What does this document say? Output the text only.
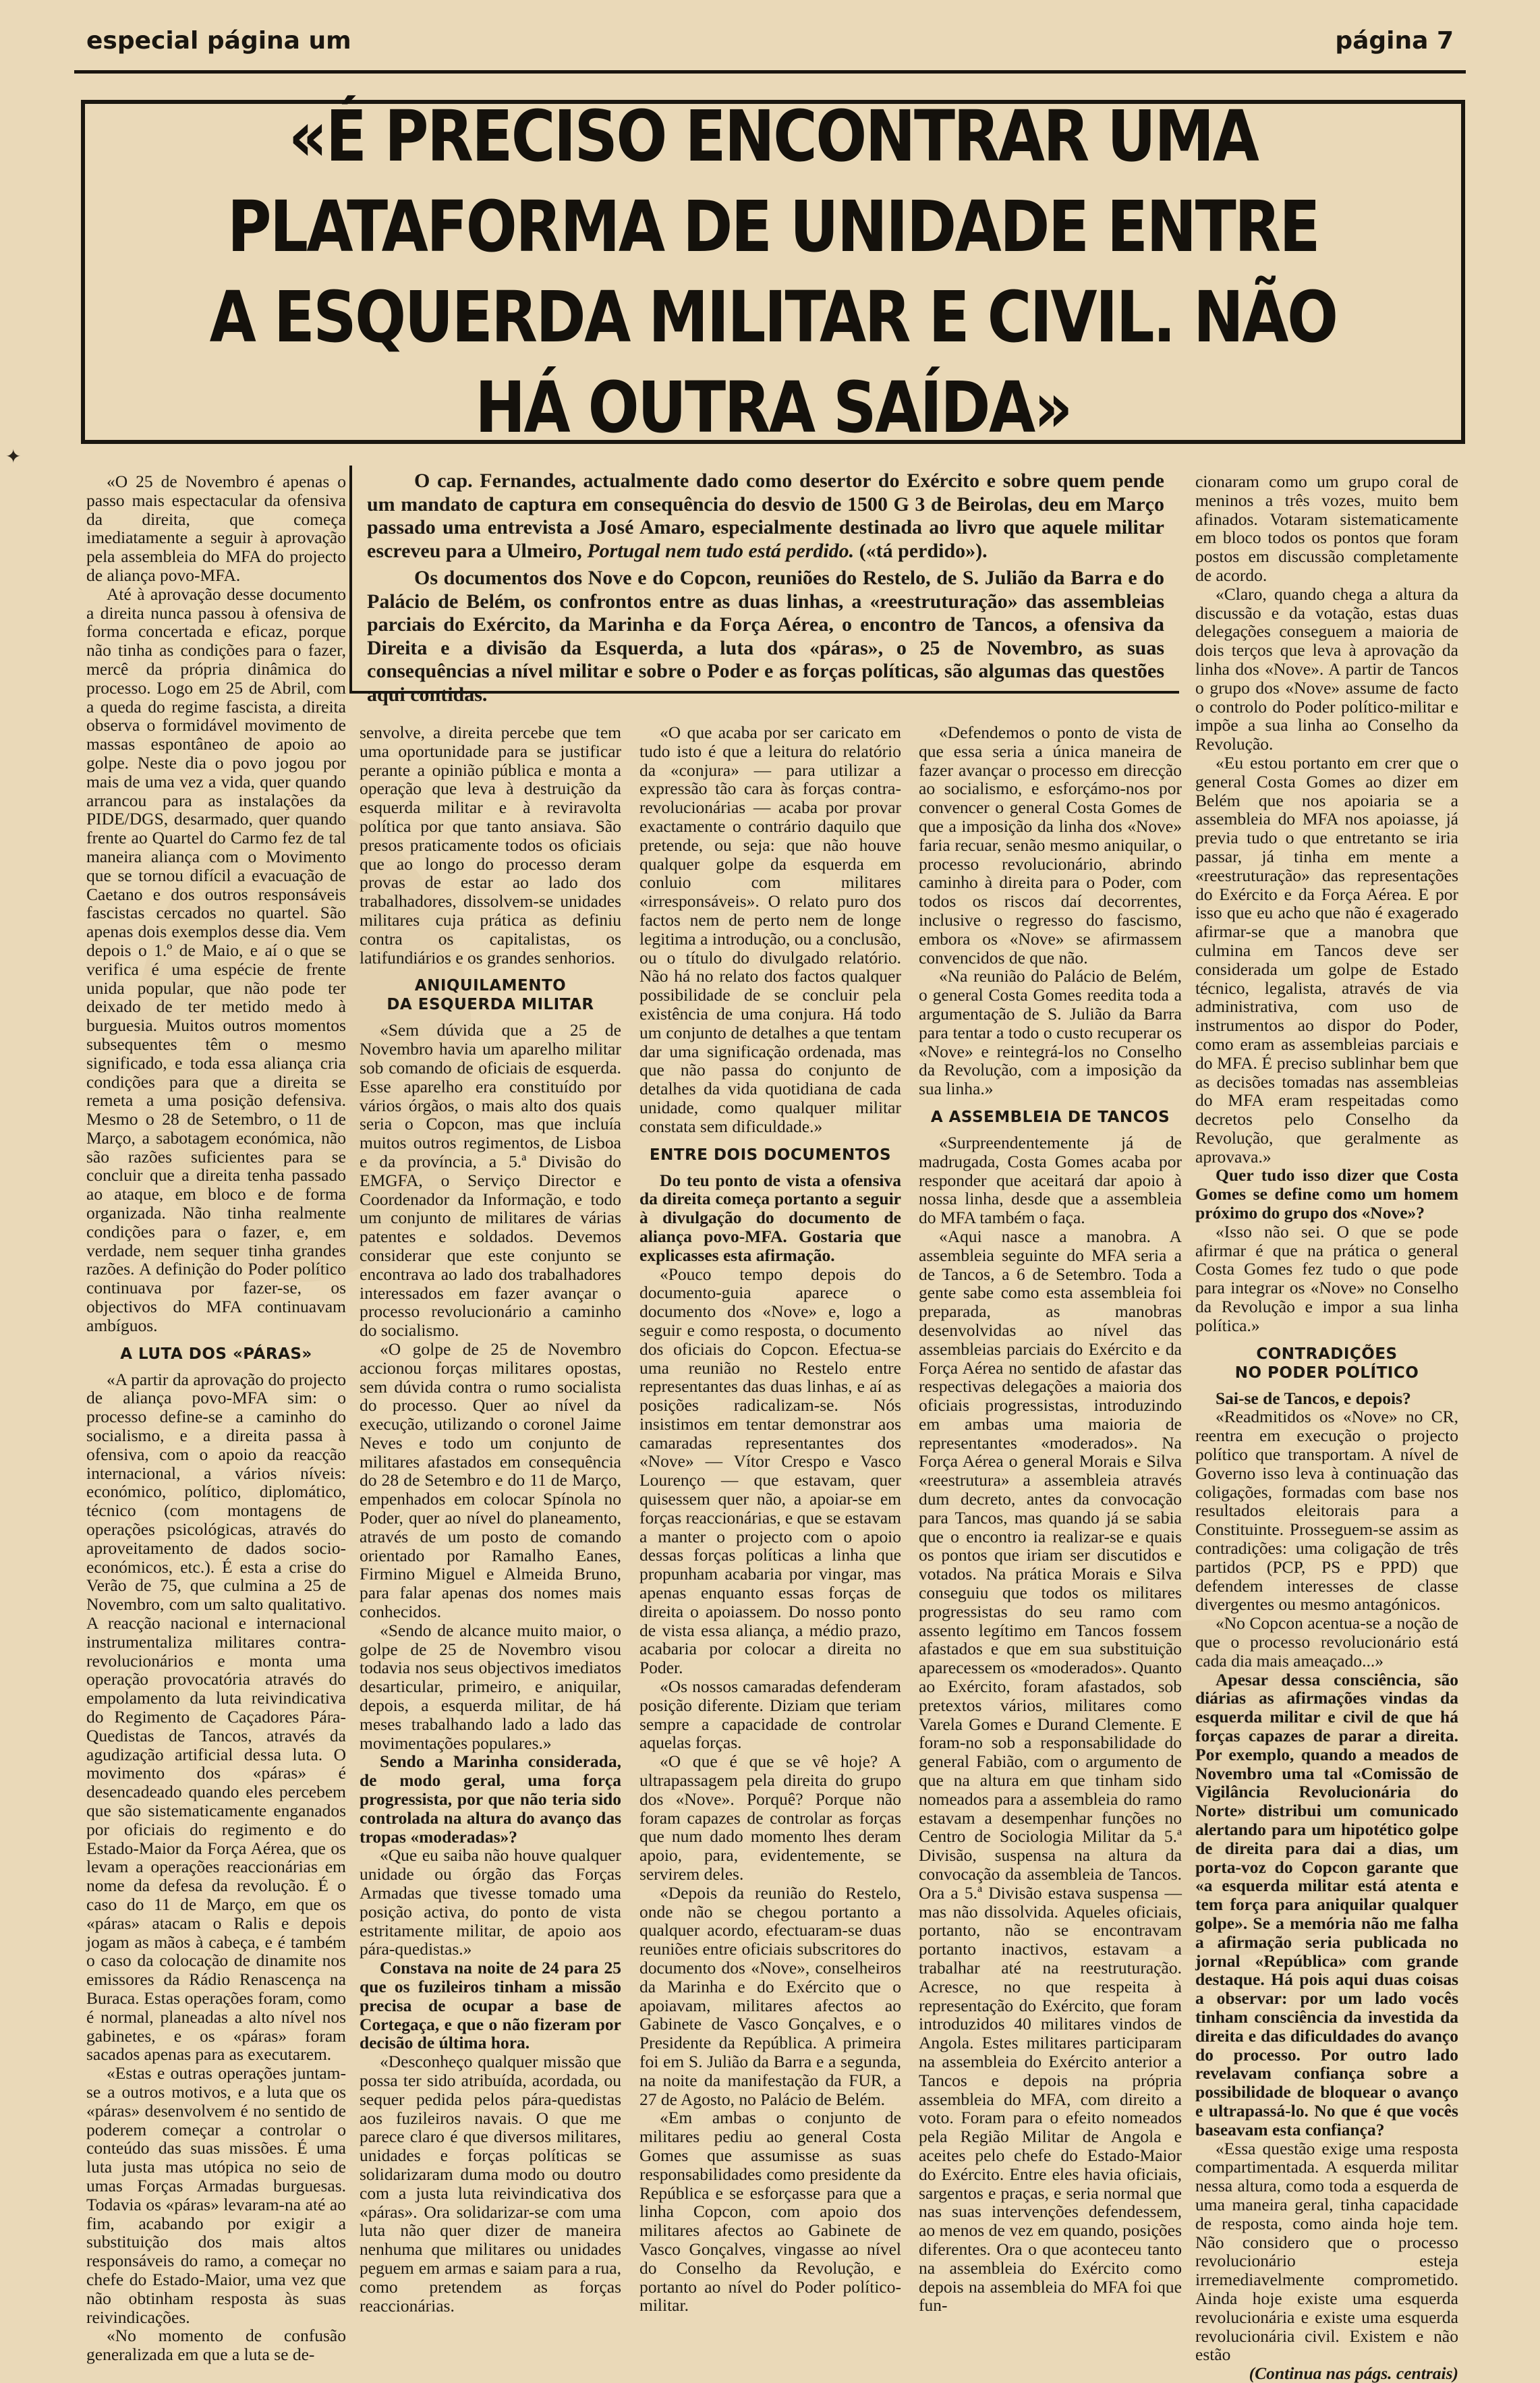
✦
especial página um	página 7
«É PRECISO ENCONTRAR UMA PLATAFORMA DE UNIDADE ENTRE A ESQUERDA MILITAR E CIVIL. NÃO HÁ OUTRA SAÍDA»

O cap. Fernandes, actualmente dado como desertor do Exército e sobre quem pende um mandato de captura em consequência do desvio de 1500 G 3 de Beirolas, deu em Março passado uma entrevista a José Amaro, especialmente destinada ao livro que aquele militar escreveu para a Ulmeiro, Portugal nem tudo está perdido. («tá perdido»).

Os documentos dos Nove e do Copcon, reuniões do Restelo, de S. Julião da Barra e do Palácio de Belém, os confrontos entre as duas linhas, a «reestruturação» das assembleias parciais do Exército, da Marinha e da Força Aérea, o encontro de Tancos, a ofensiva da Direita e a divisão da Esquerda, a luta dos «páras», o 25 de Novembro, as suas consequências a nível militar e sobre o Poder e as forças políticas, são algumas das questões aqui contidas.

«O 25 de Novembro é apenas o passo mais espectacular da ofensiva da direita, que começa imediatamente a seguir à aprovação pela assembleia do MFA do projecto de aliança povo-MFA.

Até à aprovação desse documento a direita nunca passou à ofensiva de forma concertada e eficaz, porque não tinha as condições para o fazer, mercê da própria dinâmica do processo. Logo em 25 de Abril, com a queda do regime fascista, a direita observa o formidável movimento de massas espontâneo de apoio ao golpe. Neste dia o povo jogou por mais de uma vez a vida, quer quando arrancou para as instalações da PIDE/DGS, desarmado, quer quando frente ao Quartel do Carmo fez de tal maneira aliança com o Movimento que se tornou difícil a evacuação de Caetano e dos outros responsáveis fascistas cercados no quartel. São apenas dois exemplos desse dia. Vem depois o 1.º de Maio, e aí o que se verifica é uma espécie de frente unida popular, que não pode ter deixado de ter metido medo à burguesia. Muitos outros momentos subsequentes têm o mesmo significado, e toda essa aliança cria condições para que a direita se remeta a uma posição defensiva. Mesmo o 28 de Setembro, o 11 de Março, a sabotagem económica, não são razões suficientes para se concluir que a direita tenha passado ao ataque, em bloco e de forma organizada. Não tinha realmente condições para o fazer, e, em verdade, nem sequer tinha grandes razões. A definição do Poder político continuava por fazer-se, os objectivos do MFA continuavam ambíguos.

A LUTA DOS «PÁRAS»

«A partir da aprovação do projecto de aliança povo-MFA sim: o processo define-se a caminho do socialismo, e a direita passa à ofensiva, com o apoio da reacção internacional, a vários níveis: económico, político, diplomático, técnico (com montagens de operações psicológicas, através do aproveitamento de dados socio-económicos, etc.). É esta a crise do Verão de 75, que culmina a 25 de Novembro, com um salto qualitativo. A reacção nacional e internacional instrumentaliza militares contra-revolucionários e monta uma operação provocatória através do empolamento da luta reivindicativa do Regimento de Caçadores Pára-Quedistas de Tancos, através da agudização artificial dessa luta. O movimento dos «páras» é desencadeado quando eles percebem que são sistematicamente enganados por oficiais do regimento e do Estado-Maior da Força Aérea, que os levam a operações reaccionárias em nome da defesa da revolução. É o caso do 11 de Março, em que os «páras» atacam o Ralis e depois jogam as mãos à cabeça, e é também o caso da colocação de dinamite nos emissores da Rádio Renascença na Buraca. Estas operações foram, como é normal, planeadas a alto nível nos gabinetes, e os «páras» foram sacados apenas para as executarem.

«Estas e outras operações juntam-se a outros motivos, e a luta que os «páras» desenvolvem é no sentido de poderem começar a controlar o conteúdo das suas missões. É uma luta justa mas utópica no seio de umas Forças Armadas burguesas. Todavia os «páras» levaram-na até ao fim, acabando por exigir a substituição dos mais altos responsáveis do ramo, a começar no chefe do Estado-Maior, uma vez que não obtinham resposta às suas reivindicações.

«No momento de confusão generalizada em que a luta se de-

senvolve, a direita percebe que tem uma oportunidade para se justificar perante a opinião pública e monta a operação que leva à destruição da esquerda militar e à reviravolta política por que tanto ansiava. São presos praticamente todos os oficiais que ao longo do processo deram provas de estar ao lado dos trabalhadores, dissolvem-se unidades militares cuja prática as definiu contra os capitalistas, os latifundiários e os grandes senhorios.

ANIQUILAMENTO
DA ESQUERDA MILITAR

«Sem dúvida que a 25 de Novembro havia um aparelho militar sob comando de oficiais de esquerda. Esse aparelho era constituído por vários órgãos, o mais alto dos quais seria o Copcon, mas que incluía muitos outros regimentos, de Lisboa e da província, a 5.ª Divisão do EMGFA, o Serviço Director e Coordenador da Informação, e todo um conjunto de militares de várias patentes e soldados. Devemos considerar que este conjunto se encontrava ao lado dos trabalhadores interessados em fazer avançar o processo revolucionário a caminho do socialismo.

«O golpe de 25 de Novembro accionou forças militares opostas, sem dúvida contra o rumo socialista do processo. Quer ao nível da execução, utilizando o coronel Jaime Neves e todo um conjunto de militares afastados em consequência do 28 de Setembro e do 11 de Março, empenhados em colocar Spínola no Poder, quer ao nível do planeamento, através de um posto de comando orientado por Ramalho Eanes, Firmino Miguel e Almeida Bruno, para falar apenas dos nomes mais conhecidos.

«Sendo de alcance muito maior, o golpe de 25 de Novembro visou todavia nos seus objectivos imediatos desarticular, primeiro, e aniquilar, depois, a esquerda militar, de há meses trabalhando lado a lado das movimentações populares.»

Sendo a Marinha considerada, de modo geral, uma força progressista, por que não teria sido controlada na altura do avanço das tropas «moderadas»?

«Que eu saiba não houve qualquer unidade ou órgão das Forças Armadas que tivesse tomado uma posição activa, do ponto de vista estritamente militar, de apoio aos pára-quedistas.»

Constava na noite de 24 para 25 que os fuzileiros tinham a missão precisa de ocupar a base de Cortegaça, e que o não fizeram por decisão de última hora.

«Desconheço qualquer missão que possa ter sido atribuída, acordada, ou sequer pedida pelos pára-quedistas aos fuzileiros navais. O que me parece claro é que diversos militares, unidades e forças políticas se solidarizaram duma modo ou doutro com a justa luta reivindicativa dos «páras». Ora solidarizar-se com uma luta não quer dizer de maneira nenhuma que militares ou unidades peguem em armas e saiam para a rua, como pretendem as forças reaccionárias.

«O que acaba por ser caricato em tudo isto é que a leitura do relatório da «conjura» — para utilizar a expressão tão cara às forças contra-revolucionárias — acaba por provar exactamente o contrário daquilo que pretende, ou seja: que não houve qualquer golpe da esquerda em conluio com militares «irresponsáveis». O relato puro dos factos nem de perto nem de longe legitima a introdução, ou a conclusão, ou o título do divulgado relatório. Não há no relato dos factos qualquer possibilidade de se concluir pela existência de uma conjura. Há todo um conjunto de detalhes a que tentam dar uma significação ordenada, mas que não passa do conjunto de detalhes da vida quotidiana de cada unidade, como qualquer militar constata sem dificuldade.»

ENTRE DOIS DOCUMENTOS

Do teu ponto de vista a ofensiva da direita começa portanto a seguir à divulgação do documento de aliança povo-MFA. Gostaria que explicasses esta afirmação.

«Pouco tempo depois do documento-guia aparece o documento dos «Nove» e, logo a seguir e como resposta, o documento dos oficiais do Copcon. Efectua-se uma reunião no Restelo entre representantes das duas linhas, e aí as posições radicalizam-se. Nós insistimos em tentar demonstrar aos camaradas representantes dos «Nove» — Vítor Crespo e Vasco Lourenço — que estavam, quer quisessem quer não, a apoiar-se em forças reaccionárias, e que se estavam a manter o projecto com o apoio dessas forças políticas a linha que propunham acabaria por vingar, mas apenas enquanto essas forças de direita o apoiassem. Do nosso ponto de vista essa aliança, a médio prazo, acabaria por colocar a direita no Poder.

«Os nossos camaradas defenderam posição diferente. Diziam que teriam sempre a capacidade de controlar aquelas forças.

«O que é que se vê hoje? A ultrapassagem pela direita do grupo dos «Nove». Porquê? Porque não foram capazes de controlar as forças que num dado momento lhes deram apoio, para, evidentemente, se servirem deles.

«Depois da reunião do Restelo, onde não se chegou portanto a qualquer acordo, efectuaram-se duas reuniões entre oficiais subscritores do documento dos «Nove», conselheiros da Marinha e do Exército que o apoiavam, militares afectos ao Gabinete de Vasco Gonçalves, e o Presidente da República. A primeira foi em S. Julião da Barra e a segunda, na noite da manifestação da FUR, a 27 de Agosto, no Palácio de Belém.

«Em ambas o conjunto de militares pediu ao general Costa Gomes que assumisse as suas responsabilidades como presidente da República e se esforçasse para que a linha Copcon, com apoio dos militares afectos ao Gabinete de Vasco Gonçalves, vingasse ao nível do Conselho da Revolução, e portanto ao nível do Poder político-militar.

«Defendemos o ponto de vista de que essa seria a única maneira de fazer avançar o processo em direcção ao socialismo, e esforçámo-nos por convencer o general Costa Gomes de que a imposição da linha dos «Nove» faria recuar, senão mesmo aniquilar, o processo revolucionário, abrindo caminho à direita para o Poder, com todos os riscos daí decorrentes, inclusive o regresso do fascismo, embora os «Nove» se afirmassem convencidos de que não.

«Na reunião do Palácio de Belém, o general Costa Gomes reedita toda a argumentação de S. Julião da Barra para tentar a todo o custo recuperar os «Nove» e reintegrá-los no Conselho da Revolução, com a imposição da sua linha.»

A ASSEMBLEIA DE TANCOS

«Surpreendentemente já de madrugada, Costa Gomes acaba por responder que aceitará dar apoio à nossa linha, desde que a assembleia do MFA também o faça.

«Aqui nasce a manobra. A assembleia seguinte do MFA seria a de Tancos, a 6 de Setembro. Toda a gente sabe como esta assembleia foi preparada, as manobras desenvolvidas ao nível das assembleias parciais do Exército e da Força Aérea no sentido de afastar das respectivas delegações a maioria dos oficiais progressistas, introduzindo em ambas uma maioria de representantes «moderados». Na Força Aérea o general Morais e Silva «reestrutura» a assembleia através dum decreto, antes da convocação para Tancos, mas quando já se sabia que o encontro ia realizar-se e quais os pontos que iriam ser discutidos e votados. Na prática Morais e Silva conseguiu que todos os militares progressistas do seu ramo com assento legítimo em Tancos fossem afastados e que em sua substituição aparecessem os «moderados». Quanto ao Exército, foram afastados, sob pretextos vários, militares como Varela Gomes e Durand Clemente. E foram-no sob a responsabilidade do general Fabião, com o argumento de que na altura em que tinham sido nomeados para a assembleia do ramo estavam a desempenhar funções no Centro de Sociologia Militar da 5.ª Divisão, suspensa na altura da convocação da assembleia de Tancos. Ora a 5.ª Divisão estava suspensa — mas não dissolvida. Aqueles oficiais, portanto, não se encontravam portanto inactivos, estavam a trabalhar até na reestruturação. Acresce, no que respeita à representação do Exército, que foram introduzidos 40 militares vindos de Angola. Estes militares participaram na assembleia do Exército anterior a Tancos e depois na própria assembleia do MFA, com direito a voto. Foram para o efeito nomeados pela Região Militar de Angola e aceites pelo chefe do Estado-Maior do Exército. Entre eles havia oficiais, sargentos e praças, e seria normal que nas suas intervenções defendessem, ao menos de vez em quando, posições diferentes. Ora o que aconteceu tanto na assembleia do Exército como depois na assembleia do MFA foi que fun-

cionaram como um grupo coral de meninos a três vozes, muito bem afinados. Votaram sistematicamente em bloco todos os pontos que foram postos em discussão completamente de acordo.

«Claro, quando chega a altura da discussão e da votação, estas duas delegações conseguem a maioria de dois terços que leva à aprovação da linha dos «Nove». A partir de Tancos o grupo dos «Nove» assume de facto o controlo do Poder político-militar e impõe a sua linha ao Conselho da Revolução.

«Eu estou portanto em crer que o general Costa Gomes ao dizer em Belém que nos apoiaria se a assembleia do MFA nos apoiasse, já previa tudo o que entretanto se iria passar, já tinha em mente a «reestruturação» das representações do Exército e da Força Aérea. E por isso que eu acho que não é exagerado afirmar-se que a manobra que culmina em Tancos deve ser considerada um golpe de Estado técnico, legalista, através de via administrativa, com uso de instrumentos ao dispor do Poder, como eram as assembleias parciais e do MFA. É preciso sublinhar bem que as decisões tomadas nas assembleias do MFA eram respeitadas como decretos pelo Conselho da Revolução, que geralmente as aprovava.»

Quer tudo isso dizer que Costa Gomes se define como um homem próximo do grupo dos «Nove»?

«Isso não sei. O que se pode afirmar é que na prática o general Costa Gomes fez tudo o que pode para integrar os «Nove» no Conselho da Revolução e impor a sua linha política.»

CONTRADIÇÕES
NO PODER POLÍTICO

Sai-se de Tancos, e depois?

«Readmitidos os «Nove» no CR, reentra em execução o projecto político que transportam. A nível de Governo isso leva à continuação das coligações, formadas com base nos resultados eleitorais para a Constituinte. Prosseguem-se assim as contradições: uma coligação de três partidos (PCP, PS e PPD) que defendem interesses de classe divergentes ou mesmo antagónicos.

«No Copcon acentua-se a noção de que o processo revolucionário está cada dia mais ameaçado...»

Apesar dessa consciência, são diárias as afirmações vindas da esquerda militar e civil de que há forças capazes de parar a direita. Por exemplo, quando a meados de Novembro uma tal «Comissão de Vigilância Revolucionária do Norte» distribui um comunicado alertando para um hipotético golpe de direita para dai a dias, um porta-voz do Copcon garante que «a esquerda militar está atenta e tem força para aniquilar qualquer golpe». Se a memória não me falha a afirmação seria publicada no jornal «República» com grande destaque. Há pois aqui duas coisas a observar: por um lado vocês tinham consciência da investida da direita e das dificuldades do avanço do processo. Por outro lado revelavam confiança sobre a possibilidade de bloquear o avanço e ultrapassá-lo. No que é que vocês baseavam esta confiança?

«Essa questão exige uma resposta compartimentada. A esquerda militar nessa altura, como toda a esquerda de uma maneira geral, tinha capacidade de resposta, como ainda hoje tem. Não considero que o processo revolucionário esteja irremediavelmente comprometido. Ainda hoje existe uma esquerda revolucionária e existe uma esquerda revolucionária civil. Existem e não estão

(Continua nas págs. centrais)
